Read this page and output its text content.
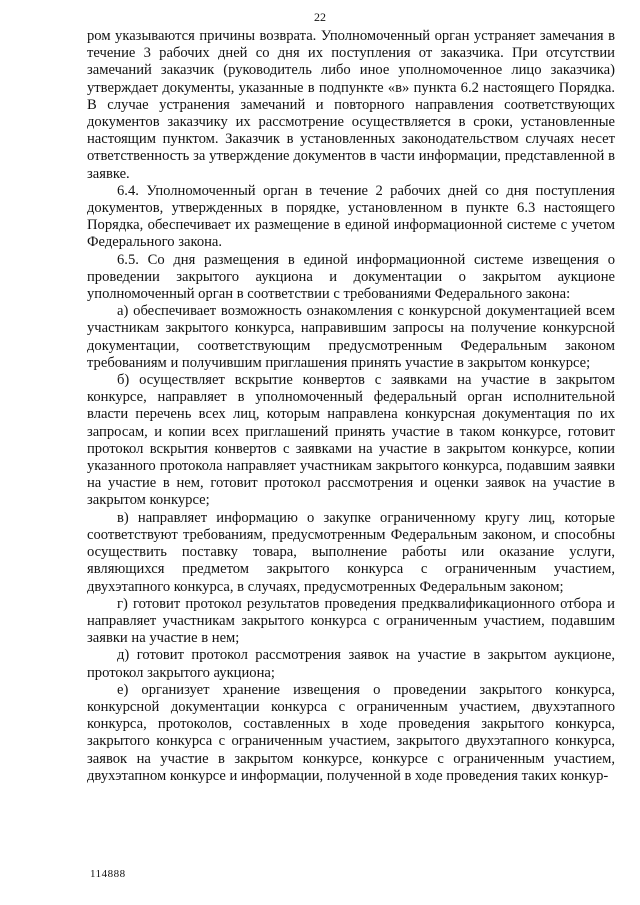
22

ром указываются причины возврата. Уполномоченный орган устраняет замечания в течение 3 рабочих дней со дня их поступления от заказчика. При отсутствии замечаний заказчик (руководитель либо иное уполномоченное лицо заказчика) утверждает документы, указанные в подпункте «в» пункта 6.2 настоящего Порядка. В случае устранения замечаний и повторного направления соответствующих документов заказчику их рассмотрение осуществляется в сроки, установленные настоящим пунктом. Заказчик в установленных законодательством случаях несет ответственность за утверждение документов в части информации, представленной в заявке.

6.4. Уполномоченный орган в течение 2 рабочих дней со дня поступления документов, утвержденных в порядке, установленном в пункте 6.3 настоящего Порядка, обеспечивает их размещение в единой информационной системе с учетом Федерального закона.

6.5. Со дня размещения в единой информационной системе извещения о проведении закрытого аукциона и документации о закрытом аукционе уполномоченный орган в соответствии с требованиями Федерального закона:

а) обеспечивает возможность ознакомления с конкурсной документацией всем участникам закрытого конкурса, направившим запросы на получение конкурсной документации, соответствующим предусмотренным Федеральным законом требованиям и получившим приглашения принять участие в закрытом конкурсе;

б) осуществляет вскрытие конвертов с заявками на участие в закрытом конкурсе, направляет в уполномоченный федеральный орган исполнительной власти перечень всех лиц, которым направлена конкурсная документация по их запросам, и копии всех приглашений принять участие в таком конкурсе, готовит протокол вскрытия конвертов с заявками на участие в закрытом конкурсе, копии указанного протокола направляет участникам закрытого конкурса, подавшим заявки на участие в нем, готовит протокол рассмотрения и оценки заявок на участие в закрытом конкурсе;

в) направляет информацию о закупке ограниченному кругу лиц, которые соответствуют требованиям, предусмотренным Федеральным законом, и способны осуществить поставку товара, выполнение работы или оказание услуги, являющихся предметом закрытого конкурса с ограниченным участием, двухэтапного конкурса, в случаях, предусмотренных Федеральным законом;

г) готовит протокол результатов проведения предквалификационного отбора и направляет участникам закрытого конкурса с ограниченным участием, подавшим заявки на участие в нем;

д) готовит протокол рассмотрения заявок на участие в закрытом аукционе, протокол закрытого аукциона;

е) организует хранение извещения о проведении закрытого конкурса, конкурсной документации конкурса с ограниченным участием, двухэтапного конкурса, протоколов, составленных в ходе проведения закрытого конкурса, закрытого конкурса с ограниченным участием, закрытого двухэтапного конкурса, заявок на участие в закрытом конкурсе, конкурсе с ограниченным участием, двухэтапном конкурсе и информации, полученной в ходе проведения таких конкур-

114888
